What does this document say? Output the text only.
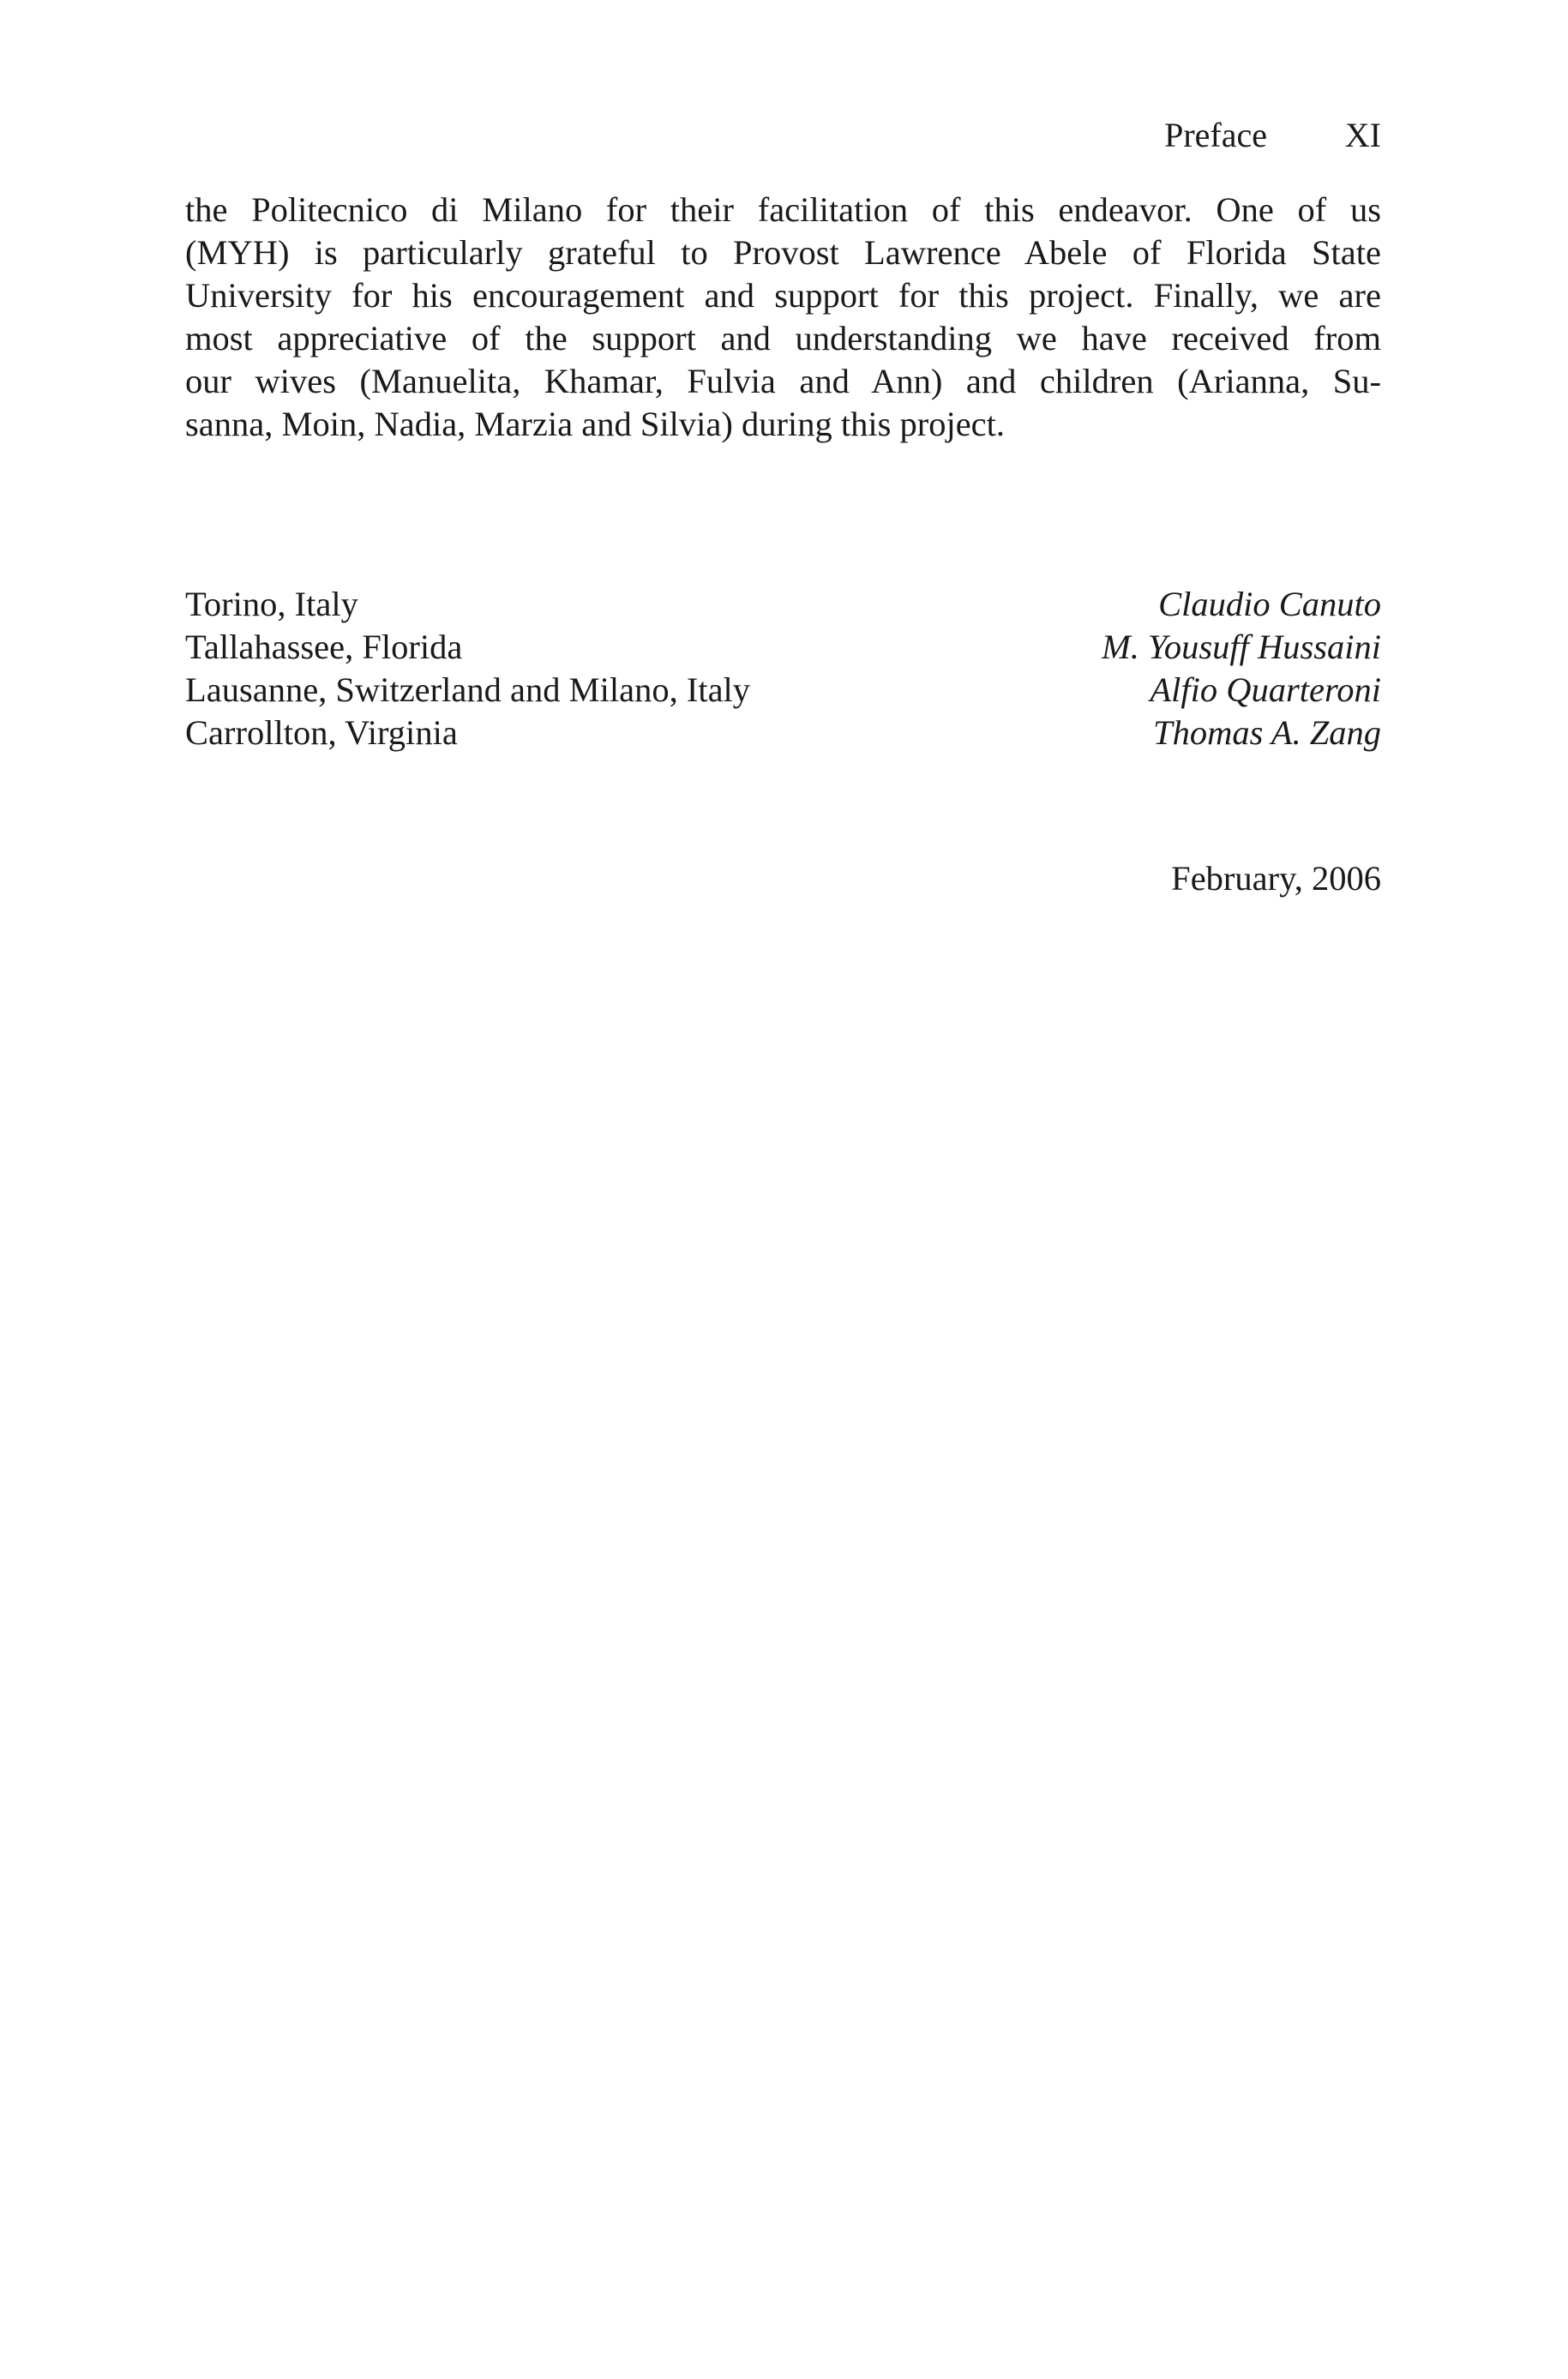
Preface XI
the Politecnico di Milano for their facilitation of this endeavor. One of us
(MYH) is particularly grateful to Provost Lawrence Abele of Florida State
University for his encouragement and support for this project. Finally, we are
most appreciative of the support and understanding we have received from
our wives (Manuelita, Khamar, Fulvia and Ann) and children (Arianna, Su-
sanna, Moin, Nadia, Marzia and Silvia) during this project.
Torino, Italy	Claudio Canuto
Tallahassee, Florida	M. Yousuff Hussaini
Lausanne, Switzerland and Milano, Italy	Alfio Quarteroni
Carrollton, Virginia	Thomas A. Zang
February, 2006
